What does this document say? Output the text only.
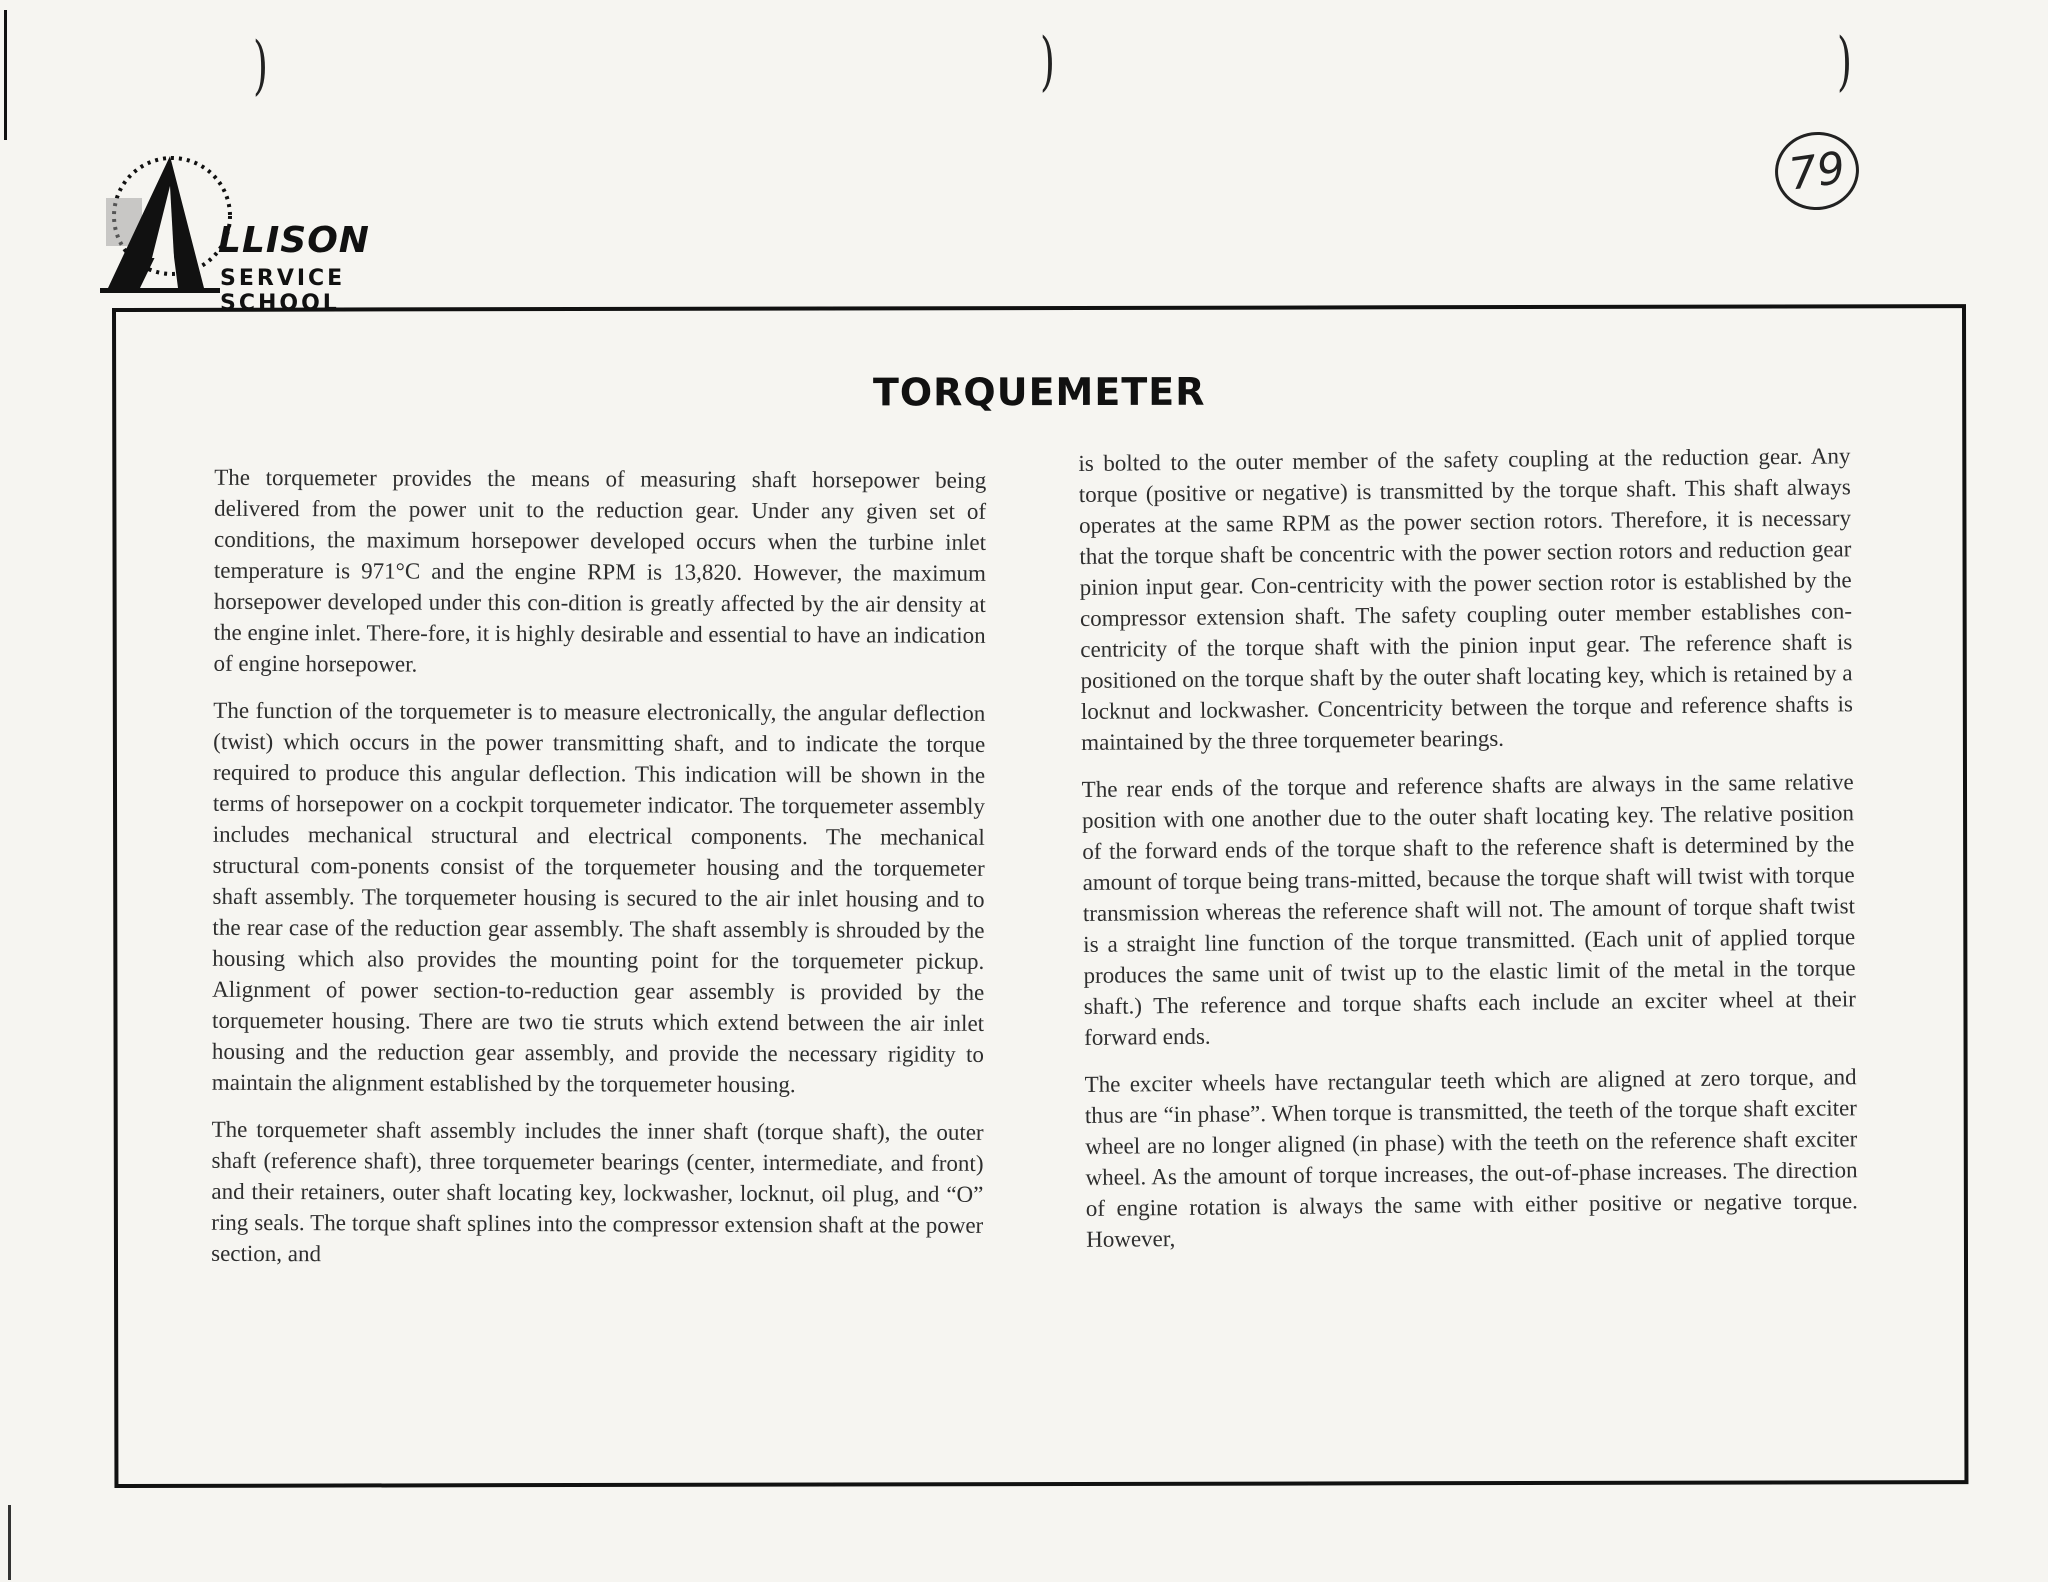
)	)	)
79
LLISON
SERVICE SCHOOL
TORQUEMETER

The torquemeter provides the means of measuring shaft horsepower being delivered from the power unit to the reduction gear. Under any given set of conditions, the maximum horsepower developed occurs when the turbine inlet temperature is 971°C and the engine RPM is 13,820. However, the maximum horsepower developed under this con-dition is greatly affected by the air density at the engine inlet. There-fore, it is highly desirable and essential to have an indication of engine horsepower.

The function of the torquemeter is to measure electronically, the angular deflection (twist) which occurs in the power transmitting shaft, and to indicate the torque required to produce this angular deflection. This indication will be shown in the terms of horsepower on a cockpit torquemeter indicator. The torquemeter assembly includes mechanical structural and electrical components. The mechanical structural com-ponents consist of the torquemeter housing and the torquemeter shaft assembly. The torquemeter housing is secured to the air inlet housing and to the rear case of the reduction gear assembly. The shaft assembly is shrouded by the housing which also provides the mounting point for the torquemeter pickup. Alignment of power section-to-reduction gear assembly is provided by the torquemeter housing. There are two tie struts which extend between the air inlet housing and the reduction gear assembly, and provide the necessary rigidity to maintain the alignment established by the torquemeter housing.

The torquemeter shaft assembly includes the inner shaft (torque shaft), the outer shaft (reference shaft), three torquemeter bearings (center, intermediate, and front) and their retainers, outer shaft locating key, lockwasher, locknut, oil plug, and “O” ring seals. The torque shaft splines into the compressor extension shaft at the power section, and

is bolted to the outer member of the safety coupling at the reduction gear. Any torque (positive or negative) is transmitted by the torque shaft. This shaft always operates at the same RPM as the power section rotors. Therefore, it is necessary that the torque shaft be concentric with the power section rotors and reduction gear pinion input gear. Con-centricity with the power section rotor is established by the compressor extension shaft. The safety coupling outer member establishes con-centricity of the torque shaft with the pinion input gear. The reference shaft is positioned on the torque shaft by the outer shaft locating key, which is retained by a locknut and lockwasher. Concentricity between the torque and reference shafts is maintained by the three torquemeter bearings.

The rear ends of the torque and reference shafts are always in the same relative position with one another due to the outer shaft locating key. The relative position of the forward ends of the torque shaft to the reference shaft is determined by the amount of torque being trans-mitted, because the torque shaft will twist with torque transmission whereas the reference shaft will not. The amount of torque shaft twist is a straight line function of the torque transmitted. (Each unit of applied torque produces the same unit of twist up to the elastic limit of the metal in the torque shaft.) The reference and torque shafts each include an exciter wheel at their forward ends.

The exciter wheels have rectangular teeth which are aligned at zero torque, and thus are “in phase”. When torque is transmitted, the teeth of the torque shaft exciter wheel are no longer aligned (in phase) with the teeth on the reference shaft exciter wheel. As the amount of torque increases, the out-of-phase increases. The direction of engine rotation is always the same with either positive or negative torque. However,
